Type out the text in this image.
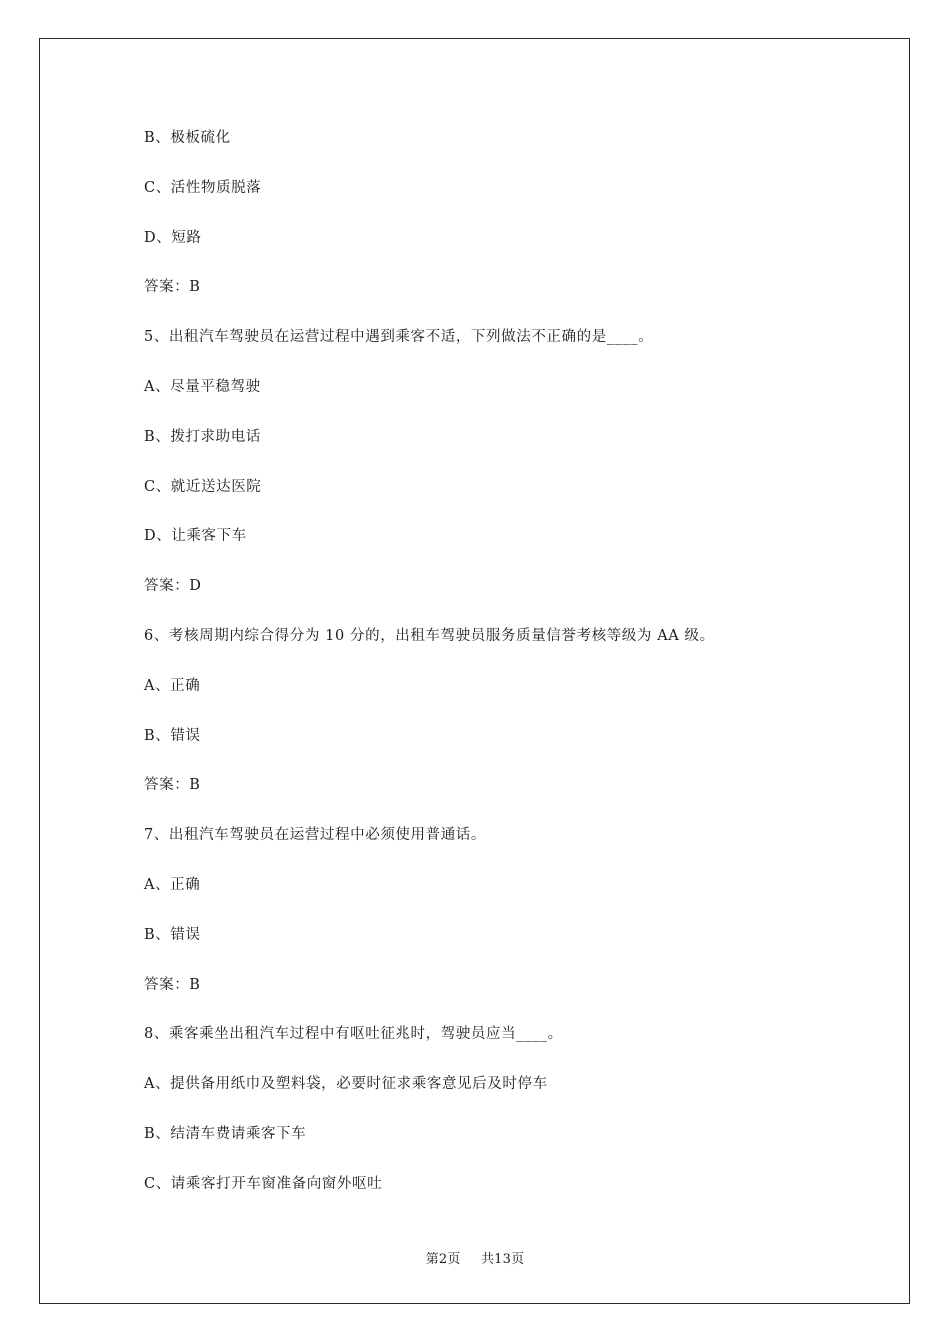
B、极板硫化
C、活性物质脱落
D、短路
答案：B
5、出租汽车驾驶员在运营过程中遇到乘客不适，下列做法不正确的是____。
A、尽量平稳驾驶
B、拨打求助电话
C、就近送达医院
D、让乘客下车
答案：D
6、考核周期内综合得分为 10 分的，出租车驾驶员服务质量信誉考核等级为 AA 级。
A、正确
B、错误
答案：B
7、出租汽车驾驶员在运营过程中必须使用普通话。
A、正确
B、错误
答案：B
8、乘客乘坐出租汽车过程中有呕吐征兆时，驾驶员应当____。
A、提供备用纸巾及塑料袋，必要时征求乘客意见后及时停车
B、结清车费请乘客下车
C、请乘客打开车窗准备向窗外呕吐
第2页 共13页
